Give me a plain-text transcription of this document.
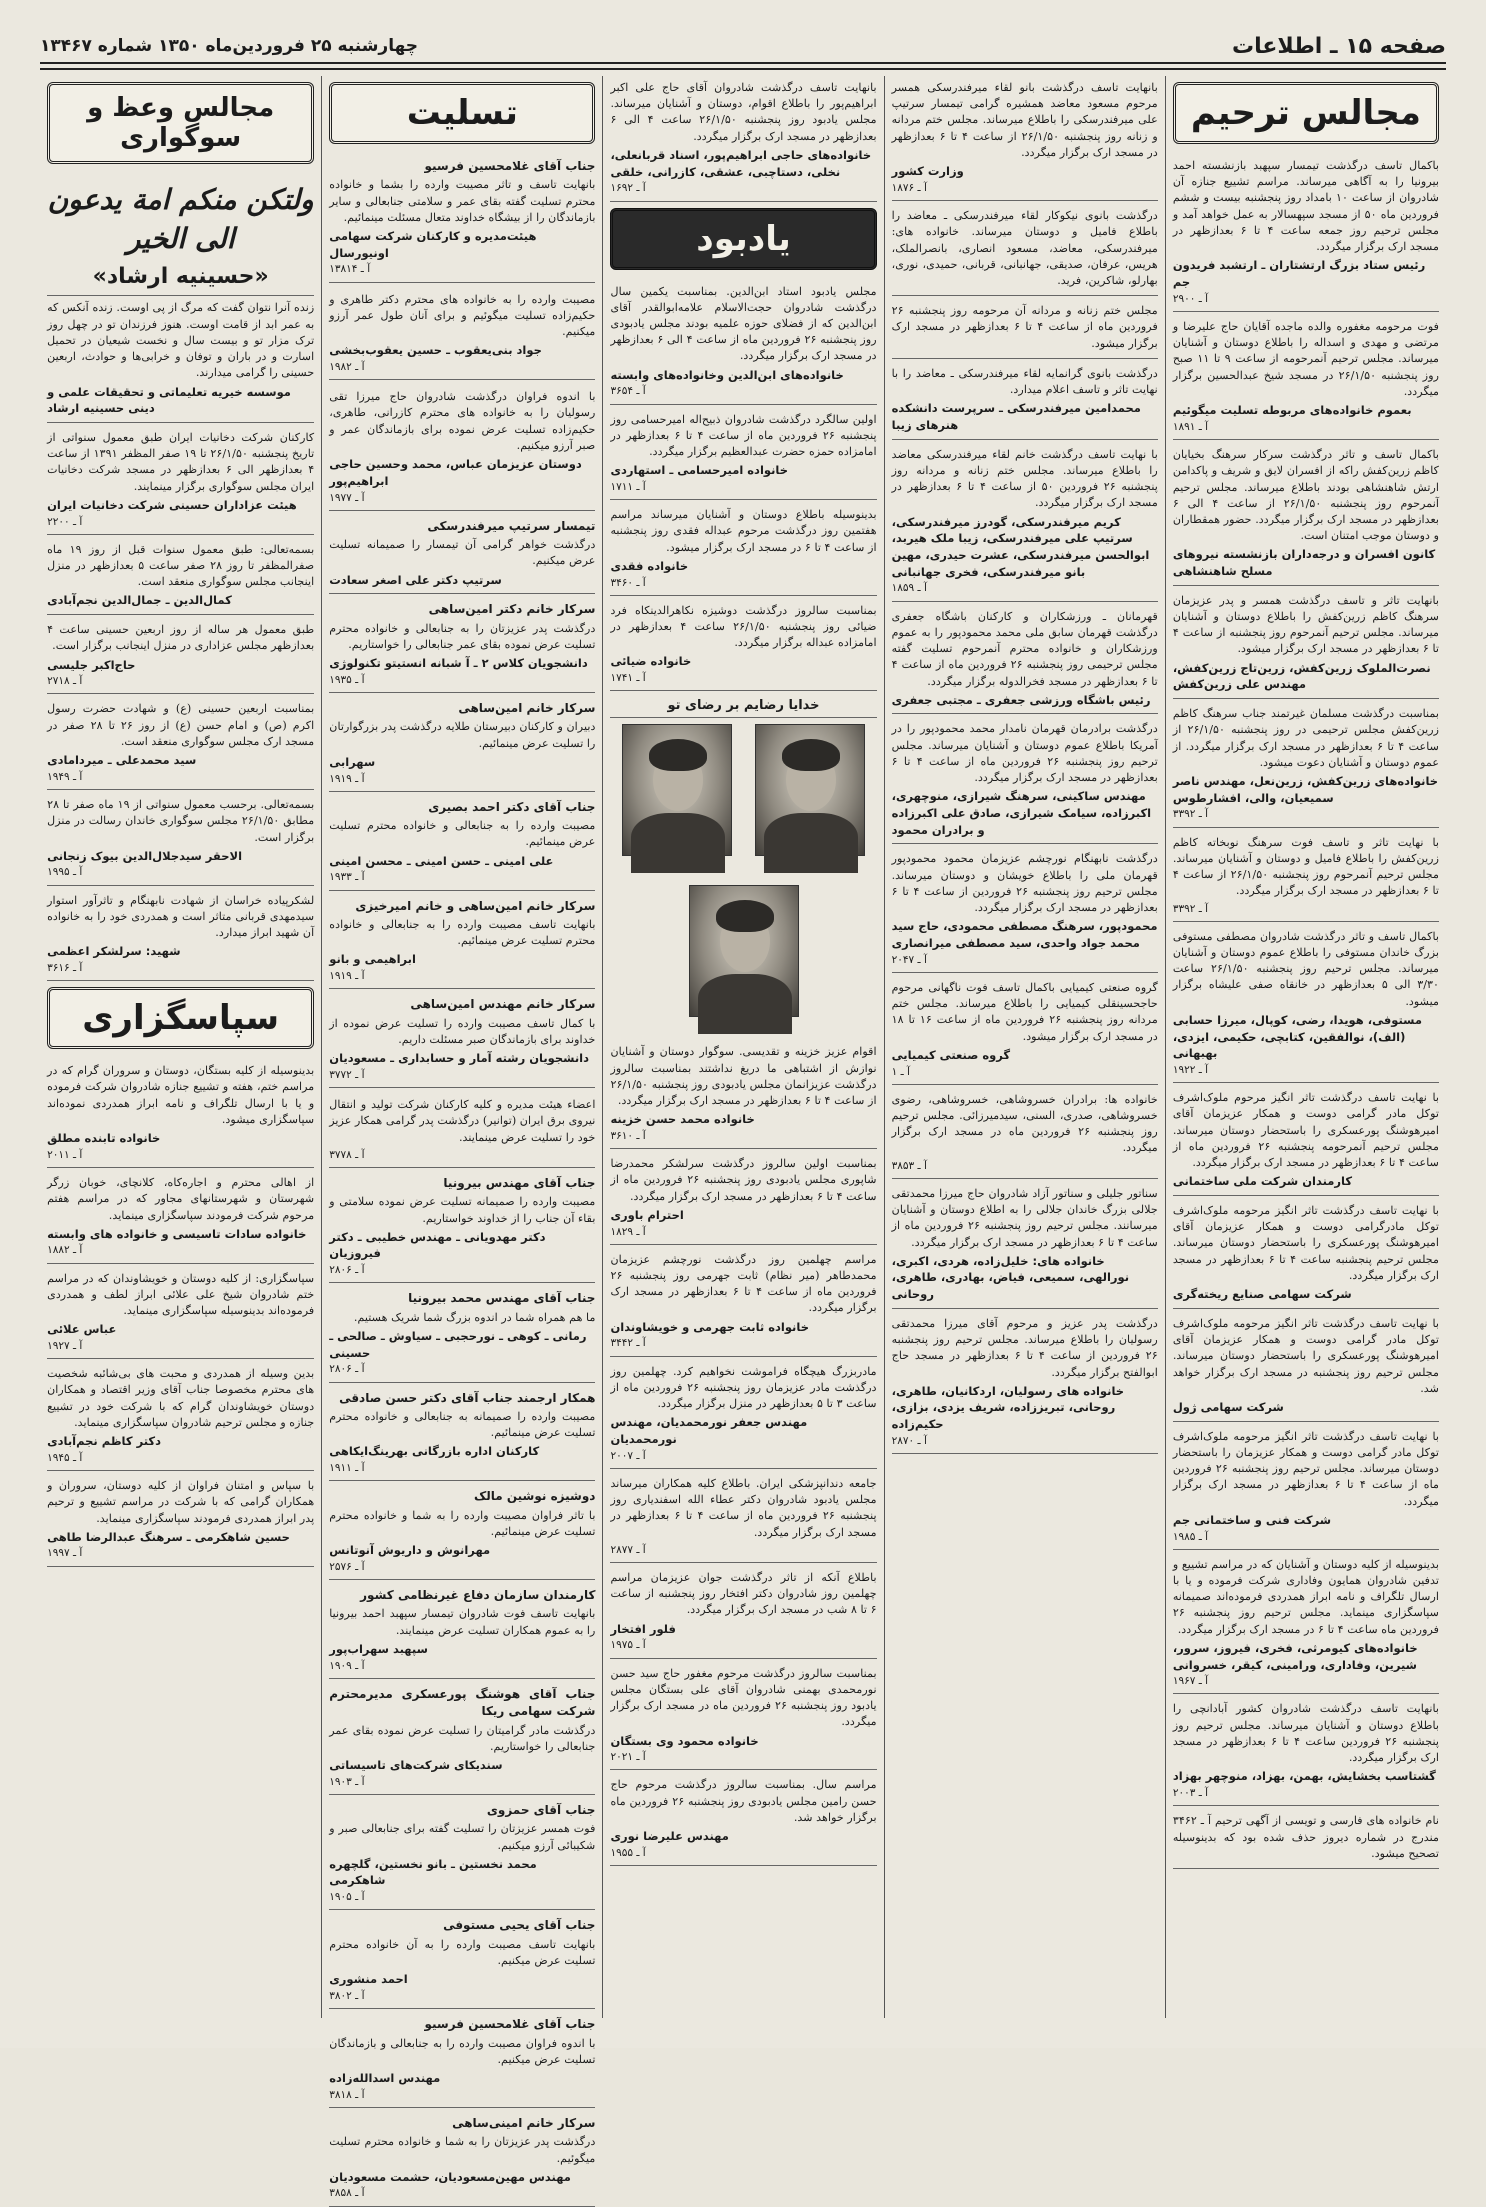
صفحه ۱۵ ـ اطلاعات
چهارشنبه ۲۵ فروردین‌ماه ۱۳۵۰ شماره ۱۳۴۶۷
مجالس ترحیم
باکمال تاسف درگذشت تیمسار سپهبد بازنشسته احمد بیرونیا را به آگاهی میرساند. مراسم تشییع جنازه آن شادروان از ساعت ۱۰ بامداد روز پنجشنبه بیست و ششم فروردین ماه ۵۰ از مسجد سپهسالار به عمل خواهد آمد و مجلس ترحیم روز جمعه ساعت ۴ تا ۶ بعدازظهر در مسجد ارک برگزار میگردد.
رئیس ستاد بزرگ ارتشتاران ـ ارتشبد فریدون جم
آ ـ ۲۹۰۰
فوت مرحومه مغفوره والده ماجده آقایان حاج علیرضا و مرتضی و مهدی و اسداله را باطلاع دوستان و آشنایان میرساند. مجلس ترحیم آنمرحومه از ساعت ۹ تا ۱۱ صبح روز پنجشنبه ۲۶/۱/۵۰ در مسجد شیخ عبدالحسین برگزار میگردد.
بعموم خانواده‌های مربوطه تسلیت میگوئیم
آ ـ ۱۸۹۱
باکمال تاسف و تاثر درگذشت سرکار سرهنگ بخیایان کاظم زرین‌کفش راکه از افسران لایق و شریف و پاکدامن ارتش شاهنشاهی بودند باطلاع میرساند. مجلس ترحیم آنمرحوم روز پنجشنبه ۲۶/۱/۵۰ از ساعت ۴ الی ۶ بعدازظهر در مسجد ارک برگزار میگردد. حضور همقطاران و دوستان موجب امتنان است.
کانون افسران و درجه‌داران بازنشسته نیروهای مسلح شاهنشاهی
بانهایت تاثر و تاسف درگذشت همسر و پدر عزیزمان سرهنگ کاظم زرین‌کفش را باطلاع دوستان و آشنایان میرساند. مجلس ترحیم آنمرحوم روز پنجشنبه از ساعت ۴ تا ۶ بعدازظهر در مسجد ارک برگزار میشود.
نصرت‌الملوک زرین‌کفش، زرین‌تاج زرین‌کفش، مهندس علی زرین‌کفش
بمناسبت درگذشت مسلمان غیرتمند جناب سرهنگ کاظم زرین‌کفش مجلس ترحیمی در روز پنجشنبه ۲۶/۱/۵۰ از ساعت ۴ تا ۶ بعدازظهر در مسجد ارک برگزار میگردد. از عموم دوستان و آشنایان دعوت میشود.
خانواده‌های زرین‌کفش، زرین‌نعل، مهندس ناصر سمیعیان، والی، افشارطوس
آ ـ ۳۳۹۲
با نهایت تاثر و تاسف فوت سرهنگ نوبخاته کاظم زرین‌کفش را باطلاع فامیل و دوستان و آشنایان میرساند. مجلس ترحیم آنمرحوم روز پنجشنبه ۲۶/۱/۵۰ از ساعت ۴ تا ۶ بعدازظهر در مسجد ارک برگزار میگردد.
آ ـ ۳۳۹۲
باکمال تاسف و تاثر درگذشت شادروان مصطفی مستوفی بزرگ خاندان مستوفی را باطلاع عموم دوستان و آشنایان میرساند. مجلس ترحیم روز پنجشنبه ۲۶/۱/۵۰ ساعت ۳/۳۰ الی ۵ بعدازظهر در خانقاه صفی علیشاه برگزار میشود.
مستوفی، هویدا، رضی، کوپال، میرزا حسابی (الف)، نوالفقین، کتابچی، حکیمی، ایزدی، بهبهانی
آ ـ ۱۹۲۲
با نهایت تاسف درگذشت تاثر انگیز مرحوم ملوک‌اشرف توکل مادر گرامی دوست و همکار عزیزمان آقای امیرهوشنگ پورعسکری را باستحضار دوستان میرساند. مجلس ترحیم آنمرحومه پنجشنبه ۲۶ فروردین ماه از ساعت ۴ تا ۶ بعدازظهر در مسجد ارک برگزار میگردد.
کارمندان شرکت ملی ساختمانی
با نهایت تاسف درگذشت تاثر انگیز مرحومه ملوک‌اشرف توکل مادرگرامی دوست و همکار عزیزمان آقای امیرهوشنگ پورعسکری را باستحضار دوستان میرساند. مجلس ترحیم پنجشنبه ساعت ۴ تا ۶ بعدازظهر در مسجد ارک برگزار میگردد.
شرکت سهامی صنایع ریخته‌گری
با نهایت تاسف درگذشت تاثر انگیز مرحومه ملوک‌اشرف توکل مادر گرامی دوست و همکار عزیزمان آقای امیرهوشنگ پورعسکری را باستحضار دوستان میرساند. مجلس ترحیم روز پنجشنبه در مسجد ارک برگزار خواهد شد.
شرکت سهامی ژول
با نهایت تاسف درگذشت تاثر انگیز مرحومه ملوک‌اشرف توکل مادر گرامی دوست و همکار عزیزمان را باستحضار دوستان میرساند. مجلس ترحیم روز پنجشنبه ۲۶ فروردین ماه از ساعت ۴ تا ۶ بعدازظهر در مسجد ارک برگزار میگردد.
شرکت فنی و ساختمانی جم
آ ـ ۱۹۸۵
بدینوسیله از کلیه دوستان و آشنایان که در مراسم تشییع و تدفین شادروان همایون وفاداری شرکت فرموده و یا با ارسال تلگراف و نامه ابراز همدردی فرموده‌اند صمیمانه سپاسگزاری مینماید. مجلس ترحیم روز پنجشنبه ۲۶ فروردین ماه ساعت ۴ تا ۶ در مسجد ارک برگزار میگردد.
خانواده‌های کیومرثی، فخری، فیروز، سرور، شیرین، وفاداری، ورامینی، کیقر، خسروانی
آ ـ ۱۹۶۷
بانهایت تاسف درگذشت شادروان کشور آبادانچی را باطلاع دوستان و آشنایان میرساند. مجلس ترحیم روز پنجشنبه ۲۶ فروردین ساعت ۴ تا ۶ بعدازظهر در مسجد ارک برگزار میگردد.
گشتاسب بخشایش، بهمن، بهزاد، منوچهر بهزاد
آ ـ ۲۰۰۳
نام خانواده های فارسی و تویسی از آگهی ترحیم آ ـ ۳۴۶۲ مندرج در شماره دیروز حذف شده بود که بدینوسیله تصحیح میشود.
بانهایت تاسف درگذشت بانو لقاء میرفندرسکی همسر مرحوم مسعود معاضد همشیره گرامی تیمسار سرتیپ علی میرفندرسکی را باطلاع میرساند. مجلس ختم مردانه و زنانه روز پنجشنبه ۲۶/۱/۵۰ از ساعت ۴ تا ۶ بعدازظهر در مسجد ارک برگزار میگردد.
وزارت کشور
آ ـ ۱۸۷۶
درگذشت بانوی نیکوکار لقاء میرفندرسکی ـ معاضد را باطلاع فامیل و دوستان میرساند. خانواده های: میرفندرسکی، معاضد، مسعود انصاری، بانصرالملک، هریس، عرفان، صدیقی، جهانبانی، قربانی، حمیدی، نوری، بهارلو، شاکرین، فرید.
مجلس ختم زنانه و مردانه آن مرحومه روز پنجشنبه ۲۶ فروردین ماه از ساعت ۴ تا ۶ بعدازظهر در مسجد ارک برگزار میشود.
درگذشت بانوی گرانمایه لقاء میرفندرسکی ـ معاضد را با نهایت تاثر و تاسف اعلام میدارد.
محمدامین میرفندرسکی ـ سرپرست دانشکده هنرهای زیبا
با نهایت تاسف درگذشت خانم لقاء میرفندرسکی معاضد را باطلاع میرساند. مجلس ختم زنانه و مردانه روز پنجشنبه ۲۶ فروردین ۵۰ از ساعت ۴ تا ۶ بعدازظهر در مسجد ارک برگزار میگردد.
کریم میرفندرسکی، گودرز میرفندرسکی، سرتیپ علی میرفندرسکی، زیبا ملک هیربد، ابوالحسن میرفندرسکی، عشرت حیدری، مهین بانو میرفندرسکی، فخری جهانبانی
آ ـ ۱۸۵۹
قهرمانان ـ ورزشکاران و کارکنان باشگاه جعفری درگذشت قهرمان سابق ملی محمد محمودپور را به عموم ورزشکاران و خانواده محترم آنمرحوم تسلیت گفته مجلس ترحیمی روز پنجشنبه ۲۶ فروردین ماه از ساعت ۴ تا ۶ بعدازظهر در مسجد فخرالدوله برگزار میگردد.
رئیس باشگاه ورزشی جعفری ـ مجتبی جعفری
درگذشت برادرمان قهرمان نامدار محمد محمودپور را در آمریکا باطلاع عموم دوستان و آشنایان میرساند. مجلس ترحیم روز پنجشنبه ۲۶ فروردین ماه از ساعت ۴ تا ۶ بعدازظهر در مسجد ارک برگزار میگردد.
مهندس ساکینی، سرهنگ شیرازی، منوچهری، اکبرزاده، سیامک شیرازی، صادق علی اکبرزاده و برادران محمود
درگذشت نابهنگام نورچشم عزیزمان محمود محمودپور قهرمان ملی را باطلاع خویشان و دوستان میرساند. مجلس ترحیم روز پنجشنبه ۲۶ فروردین از ساعت ۴ تا ۶ بعدازظهر در مسجد ارک برگزار میگردد.
محمودپور، سرهنگ مصطفی محمودی، حاج سید محمد جواد واحدی، سید مصطفی میرانصاری
آ ـ ۲۰۴۷
گروه صنعتی کیمیایی باکمال تاسف فوت ناگهانی مرحوم حاجحسینقلی کیمیایی را باطلاع میرساند. مجلس ختم مردانه روز پنجشنبه ۲۶ فروردین ماه از ساعت ۱۶ تا ۱۸ در مسجد ارک برگزار میشود.
گروه صنعتی کیمیایی
آ ـ ۱
خانواده ها: برادران خسروشاهی، خسروشاهی، رضوی خسروشاهی، صدری، السنی، سیدمیرزائی. مجلس ترحیم روز پنجشنبه ۲۶ فروردین ماه در مسجد ارک برگزار میگردد.
آ ـ ۳۸۵۳
سناتور جلیلی و سناتور آزاد شادروان حاج میرزا محمدتقی جلالی بزرگ خاندان جلالی را به اطلاع دوستان و آشنایان میرسانند. مجلس ترحیم روز پنجشنبه ۲۶ فروردین ماه از ساعت ۴ تا ۶ بعدازظهر در مسجد ارک برگزار میگردد.
خانواده های: خلیل‌زاده، هردی، اکبری، نورالهی، سمیعی، فیاض، بهادری، طاهری، روحانی
درگذشت پدر عزیز و مرحوم آقای میرزا محمدتقی رسولیان را باطلاع میرساند. مجلس ترحیم روز پنجشنبه ۲۶ فروردین از ساعت ۴ تا ۶ بعدازظهر در مسجد حاج ابوالفتح برگزار میگردد.
خانواده های رسولیان، اردکانیان، طاهری، روحانی، تبریززاده، شریف یزدی، بزازی، حکیم‌زاده
آ ـ ۲۸۷۰
بانهایت تاسف درگذشت شادروان آقای حاج علی اکبر ابراهیم‌پور را باطلاع اقوام، دوستان و آشنایان میرساند. مجلس یادبود روز پنجشنبه ۲۶/۱/۵۰ ساعت ۴ الی ۶ بعدازظهر در مسجد ارک برگزار میگردد.
خانواده‌های حاجی ابراهیم‌پور، اسناد قربانعلی، نخلی، دستاچبی، عشقی، کازرانی، خلقی
آ ـ ۱۶۹۲
یادبود
مجلس یادبود استاد ابن‌الدین. بمناسبت یکمین سال درگذشت شادروان حجت‌الاسلام علامه‌ابوالقدر آقای ابن‌الدین که از فضلای حوزه علمیه بودند مجلس یادبودی روز پنجشنبه ۲۶ فروردین ماه از ساعت ۴ الی ۶ بعدازظهر در مسجد ارک برگزار میگردد.
خانواده‌های ابن‌الدین وخانواده‌های وابسته
آ ـ ۳۶۵۴
اولین سالگرد درگذشت شادروان ذبیح‌اله امیرحسامی روز پنجشنبه ۲۶ فروردین ماه از ساعت ۴ تا ۶ بعدازظهر در امامزاده حمزه حضرت عبدالعظیم برگزار میگردد.
خانواده امیرحسامی ـ استهاردی
آ ـ ۱۷۱۱
بدینوسیله باطلاع دوستان و آشنایان میرساند مراسم هفتمین روز درگذشت مرحوم عبداله فقدی روز پنجشنبه از ساعت ۴ تا ۶ در مسجد ارک برگزار میشود.
خانواده فقدی
آ ـ ۳۴۶۰
بمناسبت سالروز درگذشت دوشیزه نکاهرالدینکاه فرد ضیائی روز پنجشنبه ۲۶/۱/۵۰ ساعت ۴ بعدازظهر در امامزاده عبداله برگزار میگردد.
خانواده ضیائی
آ ـ ۱۷۴۱
خدایا رضایم بر رضای تو
اقوام عزیز خزینه و تقدیسی. سوگوار دوستان و آشنایان نوازش از اشتباهی ما دریغ نداشتند بمناسبت سالروز درگذشت عزیزانمان مجلس یادبودی روز پنجشنبه ۲۶/۱/۵۰ از ساعت ۴ تا ۶ بعدازظهر در مسجد ارک برگزار میگردد.
خانواده محمد حسن خزینه
آ ـ ۳۶۱۰
بمناسبت اولین سالروز درگذشت سرلشکر محمدرضا شاپوری مجلس یادبودی روز پنجشنبه ۲۶ فروردین ماه از ساعت ۴ تا ۶ بعدازظهر در مسجد ارک برگزار میگردد.
احترام باوری
آ ـ ۱۸۲۹
مراسم چهلمین روز درگذشت نورچشم عزیزمان محمدطاهر (میر نظام) ثابت جهرمی روز پنجشنبه ۲۶ فروردین ماه از ساعت ۴ تا ۶ بعدازظهر در مسجد ارک برگزار میگردد.
خانواده ثابت جهرمی و خویشاوندان
آ ـ ۳۴۴۲
مادربزرگ هیچگاه فراموشت نخواهیم کرد. چهلمین روز درگذشت مادر عزیزمان روز پنجشنبه ۲۶ فروردین ماه از ساعت ۳ تا ۵ بعدازظهر در منزل برگزار میگردد.
مهندس جعفر نورمحمدیان، مهندس نورمحمدیان
آ ـ ۲۰۰۷
جامعه دندانپزشکی ایران. باطلاع کلیه همکاران میرساند مجلس یادبود شادروان دکتر عطاء الله اسفندیاری روز پنجشنبه ۲۶ فروردین ماه از ساعت ۴ تا ۶ بعدازظهر در مسجد ارک برگزار میگردد.
آ ـ ۲۸۷۷
باطلاع آنکه از تاثر درگذشت جوان عزیزمان مراسم چهلمین روز شادروان دکتر افتخار روز پنجشنبه از ساعت ۶ تا ۸ شب در مسجد ارک برگزار میگردد.
فلور افتخار
آ ـ ۱۹۷۵
بمناسبت سالروز درگذشت مرحوم مغفور حاج سید حسن نورمحمدی بهمنی شادروان آقای علی بستگان مجلس یادبود روز پنجشنبه ۲۶ فروردین ماه در مسجد ارک برگزار میگردد.
خانواده محمود وی بستگان
آ ـ ۲۰۲۱
مراسم سال. بمناسبت سالروز درگذشت مرحوم حاج حسن رامین مجلس یادبودی روز پنجشنبه ۲۶ فروردین ماه برگزار خواهد شد.
مهندس علیرضا نوری
آ ـ ۱۹۵۵
تسلیت
جناب آقای غلامحسین فرسیو
بانهایت تاسف و تاثر مصیبت وارده را بشما و خانواده محترم تسلیت گفته بقای عمر و سلامتی جنابعالی و سایر بازماندگان را از بیشگاه خداوند متعال مسئلت مینمائیم.
هیئت‌مدیره و کارکنان شرکت سهامی اونیورسال
آ ـ ۱۳۸۱۴
مصیبت وارده را به خانواده های محترم دکتر طاهری و حکیم‌زاده تسلیت میگوئیم و برای آنان طول عمر آرزو میکنیم.
جواد بنی‌یعقوب ـ حسین یعقوب‌بخشی
آ ـ ۱۹۸۲
با اندوه فراوان درگذشت شادروان حاج میرزا تقی رسولیان را به خانواده های محترم کازرانی، طاهری، حکیم‌زاده تسلیت عرض نموده برای بازماندگان عمر و صبر آرزو میکنیم.
دوستان عزیزمان عباس، محمد وحسین حاجی ابراهیم‌پور
آ ـ ۱۹۷۷
تیمسار سرتیپ میرفندرسکی
درگذشت خواهر گرامی آن تیمسار را صمیمانه تسلیت عرض میکنیم.
سرتیپ دکتر علی اصغر سعادت
سرکار خانم دکتر امین‌ساهی
درگذشت پدر عزیزتان را به جنابعالی و خانواده محترم تسلیت عرض نموده بقای عمر جنابعالی را خواستاریم.
دانشجویان کلاس ۲ ـ آ شبانه انستیتو تکنولوژی
آ ـ ۱۹۳۵
سرکار خانم امین‌ساهی
دبیران و کارکنان دبیرستان طلایه درگذشت پدر بزرگوارتان را تسلیت عرض مینمائیم.
سهرابی
آ ـ ۱۹۱۹
جناب آقای دکتر احمد بصیری
مصیبت وارده را به جنابعالی و خانواده محترم تسلیت عرض مینمائیم.
علی امینی ـ حسن امینی ـ محسن امینی
آ ـ ۱۹۳۳
سرکار خانم امین‌ساهی و خانم امیرخیزی
بانهایت تاسف مصیبت وارده را به جنابعالی و خانواده محترم تسلیت عرض مینمائیم.
ابراهیمی و بانو
آ ـ ۱۹۱۹
سرکار خانم مهندس امین‌ساهی
با کمال تاسف مصیبت وارده را تسلیت عرض نموده از خداوند برای بازماندگان صبر مسئلت داریم.
دانشجویان رشته آمار و حسابداری ـ مسعودیان
آ ـ ۳۷۷۲
اعضاء هیئت مدیره و کلیه کارکنان شرکت تولید و انتقال نیروی برق ایران (توانیر) درگذشت پدر گرامی همکار عزیز خود را تسلیت عرض مینمایند.
آ ـ ۳۷۷۸
جناب آقای مهندس بیرونیا
مصیبت وارده را صمیمانه تسلیت عرض نموده سلامتی و بقاء آن جناب را از خداوند خواستاریم.
دکتر مهدویانی ـ مهندس خطیبی ـ دکتر فیروزیان
آ ـ ۲۸۰۶
جناب آقای مهندس محمد بیرونیا
ما هم همراه شما در اندوه بزرگ شما شریک هستیم.
رمانی ـ کوهی ـ نورحجبی ـ سیاوش ـ صالحی ـ حسینی
آ ـ ۲۸۰۶
همکار ارجمند جناب آقای دکتر حسن صادقی
مصیبت وارده را صمیمانه به جنابعالی و خانواده محترم تسلیت عرض مینمائیم.
کارکنان اداره بازرگانی بهرینگ‌ایکاهی
آ ـ ۱۹۱۱
دوشیزه نوشین مالک
با تاثر فراوان مصیبت وارده را به شما و خانواده محترم تسلیت عرض مینمائیم.
مهرانوش و داریوش آنوتانس
آ ـ ۲۵۷۶
کارمندان سازمان دفاع غیرنظامی کشور
بانهایت تاسف فوت شادروان تیمسار سپهبد احمد بیرونیا را به عموم همکاران تسلیت عرض مینمایند.
سپهبد سهراب‌پور
آ ـ ۱۹۰۹
جناب آقای هوشنگ پورعسکری مدیرمحترم شرکت سهامی ریکا
درگذشت مادر گرامیتان را تسلیت عرض نموده بقای عمر جنابعالی را خواستاریم.
سندیکای شرکت‌های تاسیساتی
آ ـ ۱۹۰۳
جناب آقای حمزوی
فوت همسر عزیزتان را تسلیت گفته برای جنابعالی صبر و شکیبائی آرزو میکنیم.
محمد نخستین ـ بانو نخستین، گلچهره شاهکرمی
آ ـ ۱۹۰۵
جناب آقای یحیی مستوفی
بانهایت تاسف مصیبت وارده را به آن خانواده محترم تسلیت عرض میکنیم.
احمد منشوری
آ ـ ۳۸۰۲
جناب آقای غلامحسین فرسیو
با اندوه فراوان مصیبت وارده را به جنابعالی و بازماندگان تسلیت عرض میکنیم.
مهندس اسدالله‌زاده
آ ـ ۳۸۱۸
سرکار خانم امینی‌ساهی
درگذشت پدر عزیزتان را به شما و خانواده محترم تسلیت میگوئیم.
مهندس مهین‌مسعودیان، حشمت مسعودیان
آ ـ ۳۸۵۸
مجالس وعظ و سوگواری
ولتکن منکم امة یدعون الی الخیر
«حسینیه ارشاد»
زنده آنرا نتوان گفت که مرگ از پی اوست. زنده آنکس که به عمر ابد از قامت اوست. هنوز فرزندان تو در چهل روز ترک مزار تو و بیست سال و نخست شیعیان در تحمیل اسارت و در باران و توفان و خرابی‌ها و حوادث، اربعین حسینی را گرامی میدارند.
موسسه خیریه تعلیماتی و تحقیقات علمی و دینی حسینیه ارشاد
کارکنان شرکت دخانیات ایران طبق معمول سنواتی از تاریخ پنجشنبه ۲۶/۱/۵۰ تا ۱۹ صفر المظفر ۱۳۹۱ از ساعت ۴ بعدازظهر الی ۶ بعدازظهر در مسجد شرکت دخانیات ایران مجلس سوگواری برگزار مینمایند.
هیئت عزاداران حسینی شرکت دخانیات ایران
آ ـ ۲۲۰۰
بسمه‌تعالی: طبق معمول سنوات قبل از روز ۱۹ ماه صفرالمظفر تا روز ۲۸ صفر ساعت ۵ بعدازظهر در منزل اینجانب مجلس سوگواری منعقد است.
کمال‌الدین ـ جمال‌الدین نجم‌آبادی
طبق معمول هر ساله از روز اربعین حسینی ساعت ۴ بعدازظهر مجلس عزاداری در منزل اینجانب برگزار است.
حاج‌اکبر جلیسی
آ ـ ۲۷۱۸
بمناسبت اربعین حسینی (ع) و شهادت حضرت رسول اکرم (ص) و امام حسن (ع) از روز ۲۶ تا ۲۸ صفر در مسجد ارک مجلس سوگواری منعقد است.
سید محمدعلی ـ میردامادی
آ ـ ۱۹۴۹
بسمه‌تعالی. برحسب معمول سنواتی از ۱۹ ماه صفر تا ۲۸ مطابق ۲۶/۱/۵۰ مجلس سوگواری خاندان رسالت در منزل برگزار است.
الاحقر سیدجلال‌الدین بیوک زنجانی
آ ـ ۱۹۹۵
لشکرپیاده خراسان از شهادت نابهنگام و تاثرآور استوار سیدمهدی قربانی متاثر است و همدردی خود را به خانواده آن شهید ابراز میدارد.
شهید: سرلشکر اعظمی
آ ـ ۳۶۱۶
سپاسگزاری
بدینوسیله از کلیه بستگان، دوستان و سروران گرام که در مراسم ختم، هفته و تشییع جنازه شادروان شرکت فرموده و یا با ارسال تلگراف و نامه ابراز همدردی نموده‌اند سپاسگزاری میشود.
خانواده تابنده مطلق
آ ـ ۲۰۱۱
از اهالی محترم و اجاره‌کاه، کلانچای، خوبان زرگر شهرستان و شهرستانهای مجاور که در مراسم هفتم مرحوم شرکت فرمودند سپاسگزاری مینماید.
خانواده سادات تاسیسی و خانواده های وابسته
آ ـ ۱۸۸۲
سپاسگزاری: از کلیه دوستان و خویشاوندان که در مراسم ختم شادروان شیخ علی علائی ابراز لطف و همدردی فرموده‌اند بدینوسیله سپاسگزاری مینماید.
عباس علائی
آ ـ ۱۹۲۷
بدین وسیله از همدردی و محبت های بی‌شائبه شخصیت های محترم مخصوصا جناب آقای وزیر اقتصاد و همکاران دوستان خویشاوندان گرام که با شرکت خود در تشییع جنازه و مجلس ترحیم شادروان سپاسگزاری مینماید.
دکتر کاظم نجم‌آبادی
آ ـ ۱۹۴۵
با سپاس و امتنان فراوان از کلیه دوستان، سروران و همکاران گرامی که با شرکت در مراسم تشییع و ترحیم پدر ابراز همدردی فرمودند سپاسگزاری مینماید.
حسین شاهکرمی ـ سرهنگ عبدالرضا طاهی
آ ـ ۱۹۹۷
